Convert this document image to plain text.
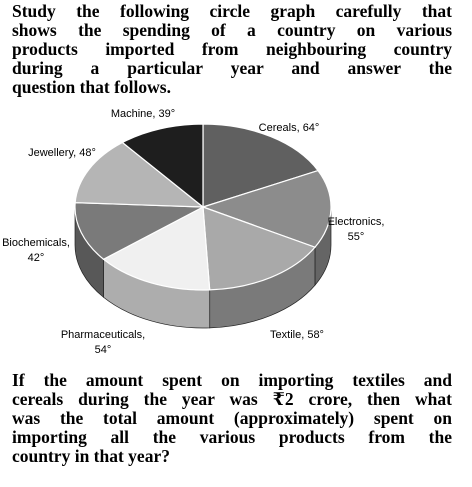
Study the following circle graph carefully that

shows the spending of a country on various

products imported from neighbouring country

during a particular year and answer the

question that follows.

Cereals, 64°
Electronics, 55°
Textile, 58°
Pharmaceuticals, 54°
Biochemicals, 42°
Jewellery, 48°
Machine, 39°

If the amount spent on importing textiles and

cereals during the year was ₹2 crore, then what

was the total amount (approximately) spent on

importing all the various products from the

country in that year?
